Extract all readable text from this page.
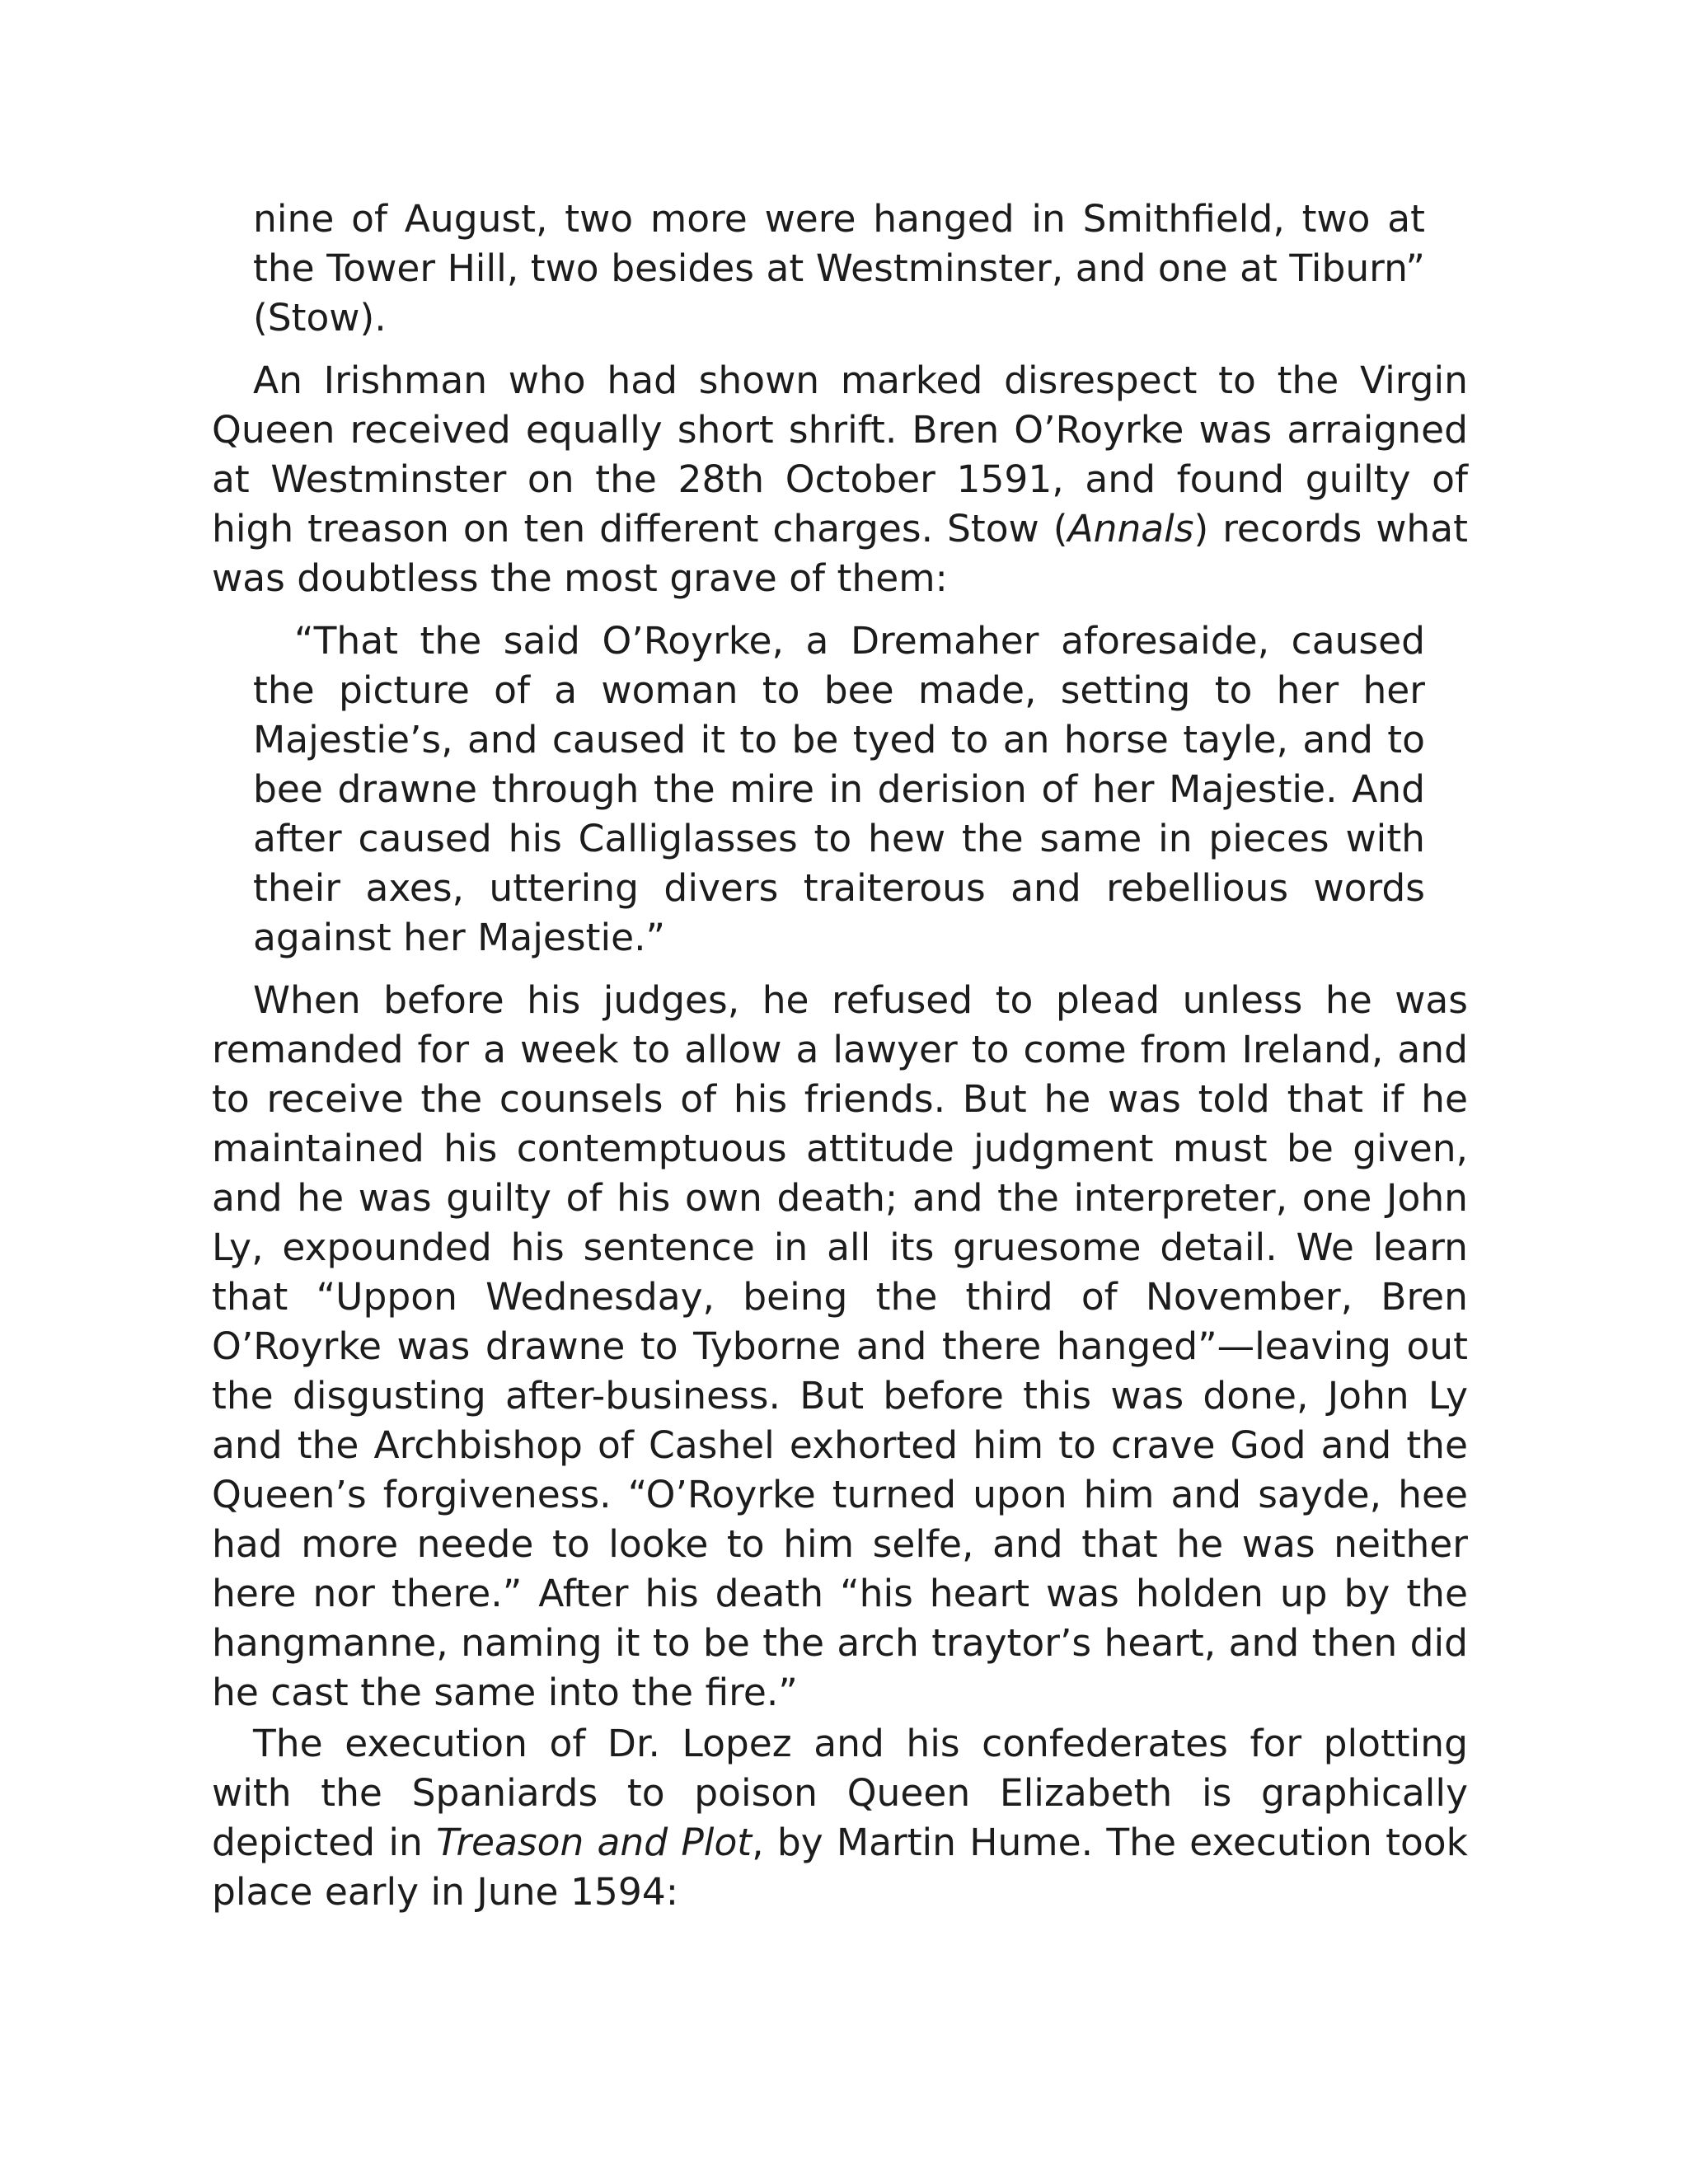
nine of August, two more were hanged in Smithfield, two at the Tower Hill, two besides at Westminster, and one at Tiburn” (Stow).

An Irishman who had shown marked disrespect to the Virgin Queen received equally short shrift. Bren O’Royrke was arraigned at Westminster on the 28th October 1591, and found guilty of high treason on ten different charges. Stow (Annals) records what was doubtless the most grave of them:

“That the said O’Royrke, a Dremaher aforesaide, caused the picture of a woman to bee made, setting to her her Majestie’s, and caused it to be tyed to an horse tayle, and to bee drawne through the mire in derision of her Majestie. And after caused his Calliglasses to hew the same in pieces with their axes, uttering divers traiterous and rebellious words against her Majestie.”

When before his judges, he refused to plead unless he was remanded for a week to allow a lawyer to come from Ireland, and to receive the counsels of his friends. But he was told that if he maintained his contemptuous attitude judgment must be given, and he was guilty of his own death; and the interpreter, one John Ly, expounded his sentence in all its gruesome detail. We learn that “Uppon Wednesday, being the third of November, Bren O’Royrke was drawne to Tyborne and there hanged”—leaving out the disgusting after-business. But before this was done, John Ly and the Archbishop of Cashel exhorted him to crave God and the Queen’s forgiveness. “O’Royrke turned upon him and sayde, hee had more neede to looke to him selfe, and that he was neither here nor there.” After his death “his heart was holden up by the hangmanne, naming it to be the arch traytor’s heart, and then did he cast the same into the fire.”

The execution of Dr. Lopez and his confederates for plotting with the Spaniards to poison Queen Elizabeth is graphically depicted in Treason and Plot, by Martin Hume. The execution took place early in June 1594:
